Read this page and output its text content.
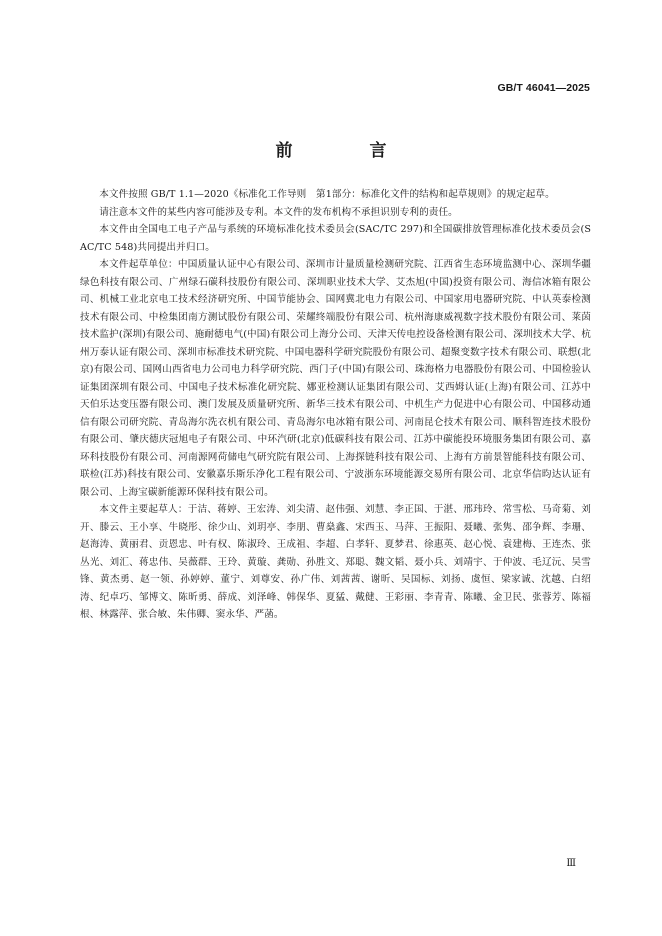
GB/T 46041—2025
前　言

本文件按照 GB/T 1.1—2020《标准化工作导则　第1部分：标准化文件的结构和起草规则》的规定起草。

请注意本文件的某些内容可能涉及专利。本文件的发布机构不承担识别专利的责任。

本文件由全国电工电子产品与系统的环境标准化技术委员会(SAC/TC 297)和全国碳排放管理标准化技术委员会(SAC/TC 548)共同提出并归口。

本文件起草单位：中国质量认证中心有限公司、深圳市计量质量检测研究院、江西省生态环境监测中心、深圳华疆绿色科技有限公司、广州绿石碳科技股份有限公司、深圳职业技术大学、艾杰旭(中国)投资有限公司、海信冰箱有限公司、机械工业北京电工技术经济研究所、中国节能协会、国网冀北电力有限公司、中国家用电器研究院、中认英泰检测技术有限公司、中检集团南方测试股份有限公司、荣耀终端股份有限公司、杭州海康威视数字技术股份有限公司、莱茵技术监护(深圳)有限公司、施耐德电气(中国)有限公司上海分公司、天津天传电控设备检测有限公司、深圳技术大学、杭州万泰认证有限公司、深圳市标准技术研究院、中国电器科学研究院股份有限公司、超聚变数字技术有限公司、联想(北京)有限公司、国网山西省电力公司电力科学研究院、西门子(中国)有限公司、珠海格力电器股份有限公司、中国检验认证集团深圳有限公司、中国电子技术标准化研究院、娜亚检测认证集团有限公司、艾西姆认证(上海)有限公司、江苏中天伯乐达变压器有限公司、澳门发展及质量研究所、新华三技术有限公司、中机生产力促进中心有限公司、中国移动通信有限公司研究院、青岛海尔洗衣机有限公司、青岛海尔电冰箱有限公司、河南昆仑技术有限公司、顺科智连技术股份有限公司、肇庆德庆冠旭电子有限公司、中环汽研(北京)低碳科技有限公司、江苏中碳能投环境服务集团有限公司、嘉环科技股份有限公司、河南源网荷储电气研究院有限公司、上海探链科技有限公司、上海有方前景智能科技有限公司、联检(江苏)科技有限公司、安徽嘉乐斯乐净化工程有限公司、宁波浙东环境能源交易所有限公司、北京华信昀达认证有限公司、上海宝碳新能源环保科技有限公司。

本文件主要起草人：于洁、蒋婷、王宏涛、刘尖清、赵伟强、刘慧、李正国、于湛、邢玮玲、常雪松、马奇菊、刘开、滕云、王小享、牛晓彤、徐少山、刘玥亭、李朋、曹燊鑫、宋西玉、马萍、王振阳、聂曦、张隽、邵争辉、李珊、赵海涛、黄丽君、贡恩忠、叶有权、陈淑玲、王成祖、李超、白孝轩、夏梦君、徐惠英、赵心悦、袁建梅、王连杰、张丛光、刘汇、蒋忠伟、吴薇群、王玲、黄璇、龚勋、孙胜文、郑聪、魏文韬、聂小兵、刘靖宇、于仲波、毛辽沅、吴雪锋、黄杰勇、赵一领、孙婷婷、董宁、刘尊安、孙广伟、刘茜茜、谢昕、吴国标、刘扬、虞恒、梁家诚、沈越、白绍涛、纪卓巧、邹博文、陈昕勇、薛成、刘泽峰、韩保华、夏猛、戴健、王彩丽、李青青、陈曦、金卫民、张蓉芳、陈福根、林露萍、张合敏、朱伟卿、窦永华、严菡。

Ⅲ
